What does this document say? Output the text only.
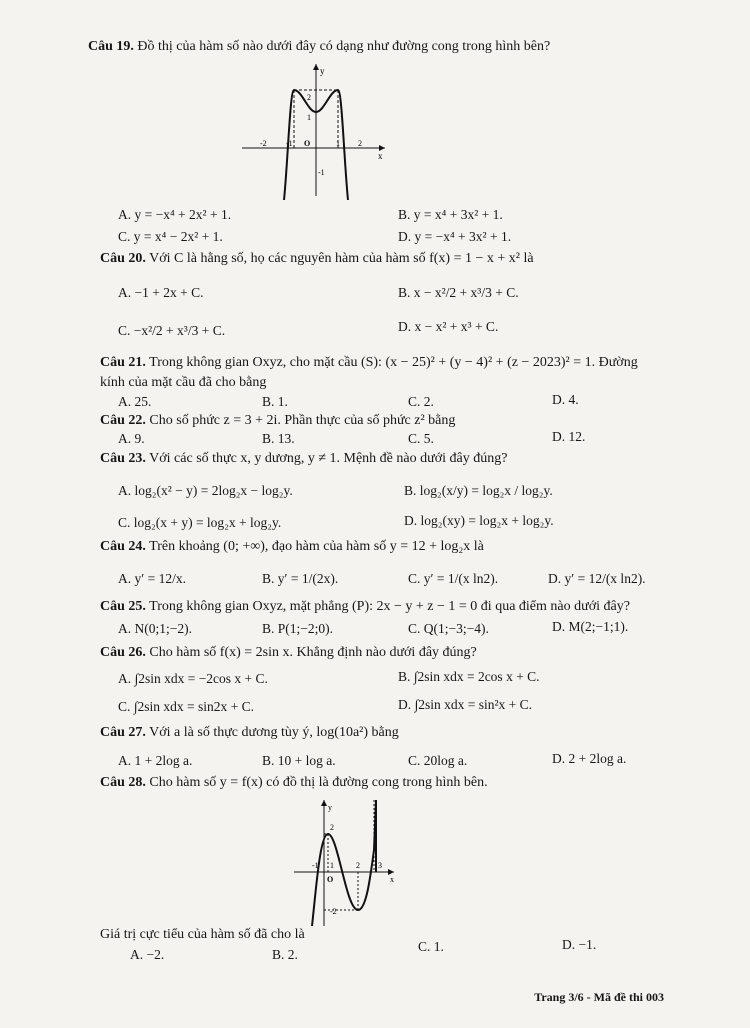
Câu 19. Đồ thị của hàm số nào dưới đây có dạng như đường cong trong hình bên?
y
x
2
1
-1
-2 -1 O	1 2
A. y = −x⁴ + 2x² + 1.	B. y = x⁴ + 3x² + 1.
C. y = x⁴ − 2x² + 1.	D. y = −x⁴ + 3x² + 1.
Câu 20. Với C là hằng số, họ các nguyên hàm của hàm số f(x) = 1 − x + x² là
A. −1 + 2x + C.	B. x − x²/2 + x³/3 + C.
C. −x²/2 + x³/3 + C.	D. x − x² + x³ + C.
Câu 21. Trong không gian Oxyz, cho mặt cầu (S): (x − 25)² + (y − 4)² + (z − 2023)² = 1. Đường
kính của mặt cầu đã cho bằng
A. 25.	B. 1.	C. 2.	D. 4.
Câu 22. Cho số phức z = 3 + 2i. Phần thực của số phức z² bằng
A. 9.	B. 13.	C. 5.	D. 12.
Câu 23. Với các số thực x, y dương, y ≠ 1. Mệnh đề nào dưới đây đúng?
A. log₂(x² − y) = 2log₂x − log₂y.	B. log₂(x/y) = log₂x / log₂y.
C. log₂(x + y) = log₂x + log₂y.	D. log₂(xy) = log₂x + log₂y.
Câu 24. Trên khoảng (0; +∞), đạo hàm của hàm số y = 12 + log₂x là
A. y′ = 12/x.	B. y′ = 1/(2x).	C. y′ = 1/(x ln2).	D. y′ = 12/(x ln2).
Câu 25. Trong không gian Oxyz, mặt phẳng (P): 2x − y + z − 1 = 0 đi qua điểm nào dưới đây?
A. N(0;1;−2).	B. P(1;−2;0).	C. Q(1;−3;−4).	D. M(2;−1;1).
Câu 26. Cho hàm số f(x) = 2sin x. Khẳng định nào dưới đây đúng?
A. ∫2sin xdx = −2cos x + C.	B. ∫2sin xdx = 2cos x + C.
C. ∫2sin xdx = sin2x + C.	D. ∫2sin xdx = sin²x + C.
Câu 27. Với a là số thực dương tùy ý, log(10a²) bằng
A. 1 + 2log a.	B. 10 + log a.	C. 20log a.	D. 2 + 2log a.
Câu 28. Cho hàm số y = f(x) có đồ thị là đường cong trong hình bên.
y
x
2
-1 1	2 3
O
-2
Giá trị cực tiểu của hàm số đã cho là
A. −2.	B. 2.
C. 1.	D. −1.
Trang 3/6 - Mã đề thi 003
